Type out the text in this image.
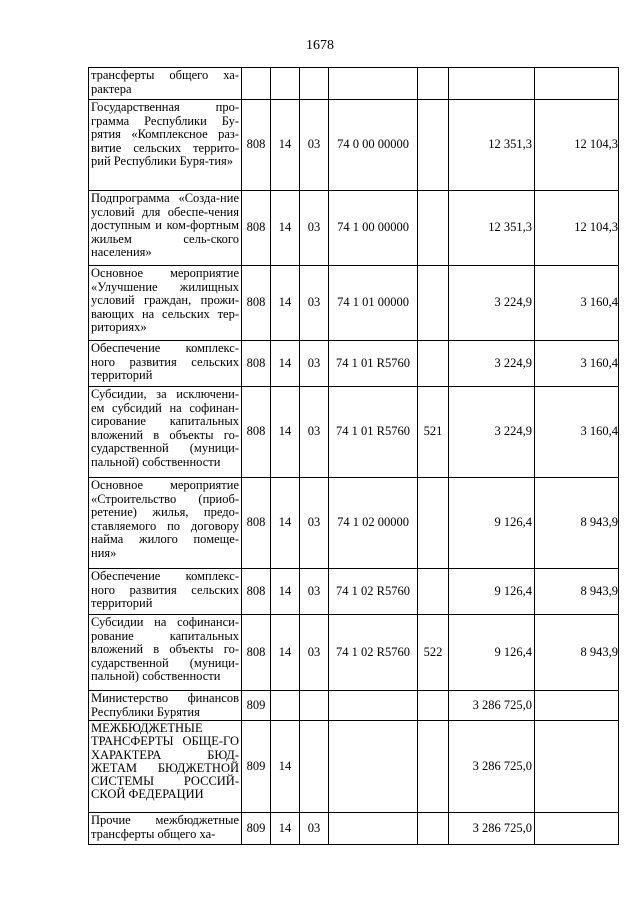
1678
трансферты общего ха-рактера							
Государственная про-грамма Республики Бу-рятия «Комплексное раз-витие сельских террито-рий Республики Буря-тия»	808	14	03	74 0 00 00000		12 351,3	12 104,3
Подпрограмма «Созда-ние условий для обеспе-чения доступным и ком-фортным жильем сель-ского населения»	808	14	03	74 1 00 00000		12 351,3	12 104,3
Основное мероприятие «Улучшение жилищных условий граждан, прожи-вающих на сельских тер-риториях»	808	14	03	74 1 01 00000		3 224,9	3 160,4
Обеспечение комплекс-ного развития сельских территорий	808	14	03	74 1 01 R5760		3 224,9	3 160,4
Субсидии, за исключени-ем субсидий на софинан-сирование капитальных вложений в объекты го-сударственной (муници-пальной) собственности	808	14	03	74 1 01 R5760	521	3 224,9	3 160,4
Основное мероприятие «Строительство (приоб-ретение) жилья, предо-ставляемого по договору найма жилого помеще-ния»	808	14	03	74 1 02 00000		9 126,4	8 943,9
Обеспечение комплекс-ного развития сельских территорий	808	14	03	74 1 02 R5760		9 126,4	8 943,9
Субсидии на софинанси-рование капитальных вложений в объекты го-сударственной (муници-пальной) собственности	808	14	03	74 1 02 R5760	522	9 126,4	8 943,9
Министерство финансов Республики Бурятия	809					3 286 725,0	
МЕЖБЮДЖЕТНЫЕ ТРАНСФЕРТЫ ОБЩЕ-ГО ХАРАКТЕРА БЮД-ЖЕТАМ БЮДЖЕТНОЙ СИСТЕМЫ РОССИЙ-СКОЙ ФЕДЕРАЦИИ	809	14				3 286 725,0	
Прочие межбюджетные трансферты общего ха-	809	14	03			3 286 725,0	
